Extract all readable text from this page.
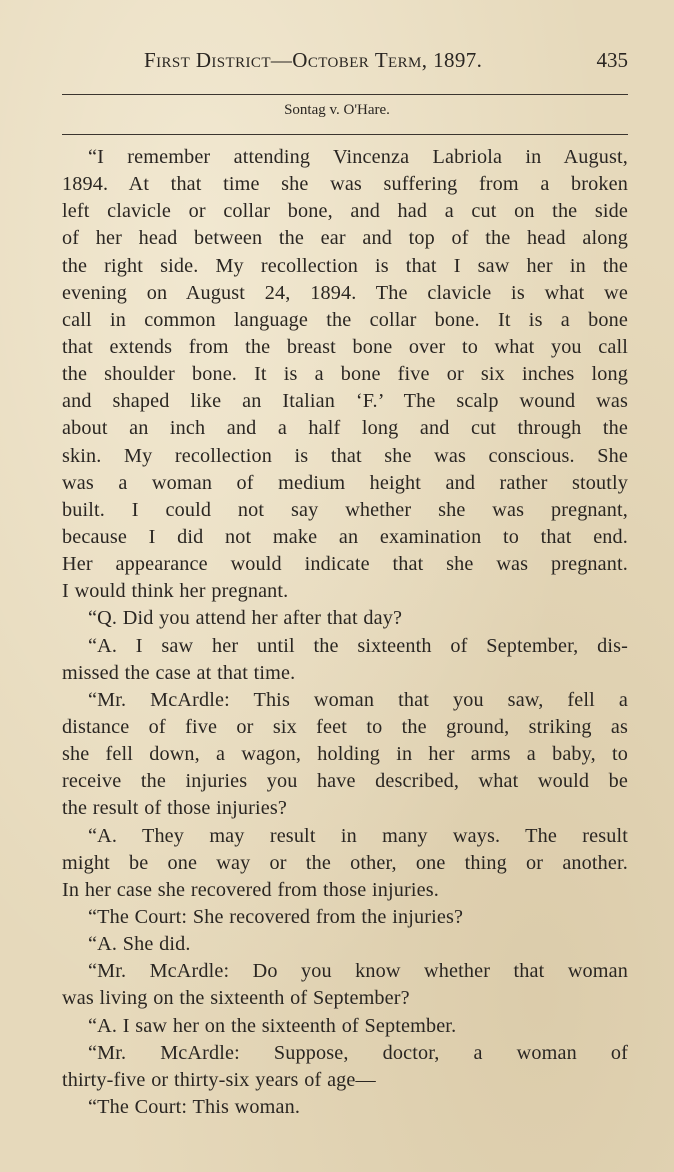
First District—October Term, 1897.	435
Sontag v. O'Hare.
“I remember attending Vincenza Labriola in August,
1894. At that time she was suffering from a broken
left clavicle or collar bone, and had a cut on the side
of her head between the ear and top of the head along
the right side. My recollection is that I saw her in the
evening on August 24, 1894. The clavicle is what we
call in common language the collar bone. It is a bone
that extends from the breast bone over to what you call
the shoulder bone. It is a bone five or six inches long
and shaped like an Italian ‘F.’ The scalp wound was
about an inch and a half long and cut through the
skin. My recollection is that she was conscious. She
was a woman of medium height and rather stoutly
built. I could not say whether she was pregnant,
because I did not make an examination to that end.
Her appearance would indicate that she was pregnant.
I would think her pregnant.
“Q. Did you attend her after that day?
“A. I saw her until the sixteenth of September, dis-
missed the case at that time.
“Mr. McArdle: This woman that you saw, fell a
distance of five or six feet to the ground, striking as
she fell down, a wagon, holding in her arms a baby, to
receive the injuries you have described, what would be
the result of those injuries?
“A. They may result in many ways. The result
might be one way or the other, one thing or another.
In her case she recovered from those injuries.
“The Court: She recovered from the injuries?
“A. She did.
“Mr. McArdle: Do you know whether that woman
was living on the sixteenth of September?
“A. I saw her on the sixteenth of September.
“Mr. McArdle: Suppose, doctor, a woman of
thirty-five or thirty-six years of age—
“The Court: This woman.
